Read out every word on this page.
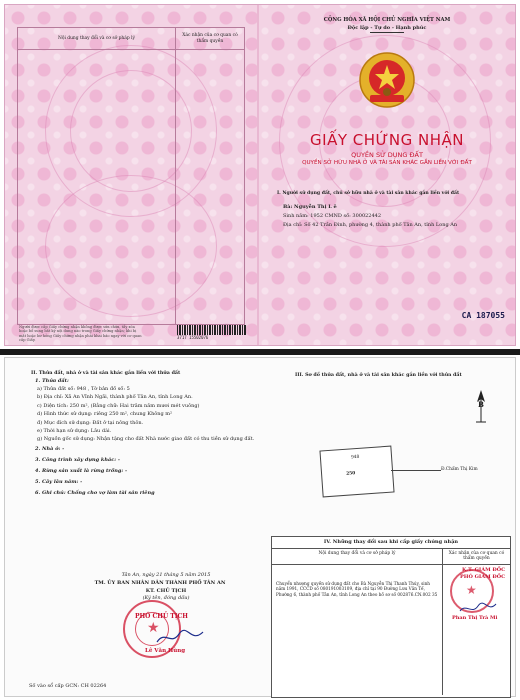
Nội dung thay đổi và cơ sở pháp lý	Xác nhận của cơ quan có thẩm quyền

Người được cấp Giấy chứng nhận không được sửa chữa, tẩy xóa hoặc bổ sung bất kỳ nội dung nào trong Giấy chứng nhận; khi bị mất hoặc hư hỏng Giấy chứng nhận phải khai báo ngay với cơ quan cấp Giấy.
3717 15502076
CỘNG HÒA XÃ HỘI CHỦ NGHĨA VIỆT NAM
Độc lập - Tự do - Hạnh phúc
GIẤY CHỨNG NHẬN
QUYỀN SỬ DỤNG ĐẤT
QUYỀN SỞ HỮU NHÀ Ở VÀ TÀI SẢN KHÁC GẮN LIỀN VỚI ĐẤT
I. Người sử dụng đất, chủ sở hữu nhà ở và tài sản khác gắn liền với đất
Bà: Nguyễn Thị L ê
Sinh năm: 1952 CMND số: 300022442
Địa chỉ: Số 42 Trần Đình, phường 4, thành phố Tân An, tỉnh Long An
CA 187055
II. Thửa đất, nhà ở và tài sản khác gắn liền với thửa đất
1. Thửa đất:
a) Thửa đất số: 948 , Tờ bản đồ số: 5
b) Địa chỉ: Xã An Vĩnh Ngãi, thành phố Tân An, tỉnh Long An.
c) Diện tích: 250 m², (Bằng chữ: Hai trăm năm mươi mét vuông)
d) Hình thức sử dụng: riêng 250 m², chung Không m²
đ) Mục đích sử dụng: Đất ở tại nông thôn.
e) Thời hạn sử dụng: Lâu dài.
g) Nguồn gốc sử dụng: Nhận tặng cho đất Nhà nước giao đất có thu tiền sử dụng đất.
2. Nhà ở: -
3. Công trình xây dựng khác: -
4. Rừng sản xuất là rừng trồng: -
5. Cây lâu năm: -
6. Ghi chú: Chống cho vợ làm tài sản riêng
Tân An, ngày 21 tháng 5 năm 2015
TM. ỦY BAN NHÂN DÂN THÀNH PHỐ TÂN AN
KT. CHỦ TỊCH
(Ký tên, đóng dấu)
★
PHÓ CHỦ TỊCH
Lê Văn Hùng
Số vào sổ cấp GCN: CH 02264
III. Sơ đồ thửa đất, nhà ở và tài sản khác gắn liền với thửa đất
B
948
250
Đ.Chấm Thị Kim
IV. Những thay đổi sau khi cấp giấy chứng nhận
Nội dung thay đổi và cơ sở pháp lý	Xác nhận của cơ quan có thẩm quyền
Chuyển nhượng quyền sử dụng đất cho Bà Nguyễn Thị Thanh Thúy, sinh năm 1991, CCCD số 080191003109, địa chỉ tại 90 Đường Lưu Văn Tế, Phường 6, thành phố Tân An, tỉnh Long An theo hồ sơ số 002876.CN.002 35 ★
K.T. GIÁM ĐỐC
PHÓ GIÁM ĐỐC
Phan Thị Trà Mi
